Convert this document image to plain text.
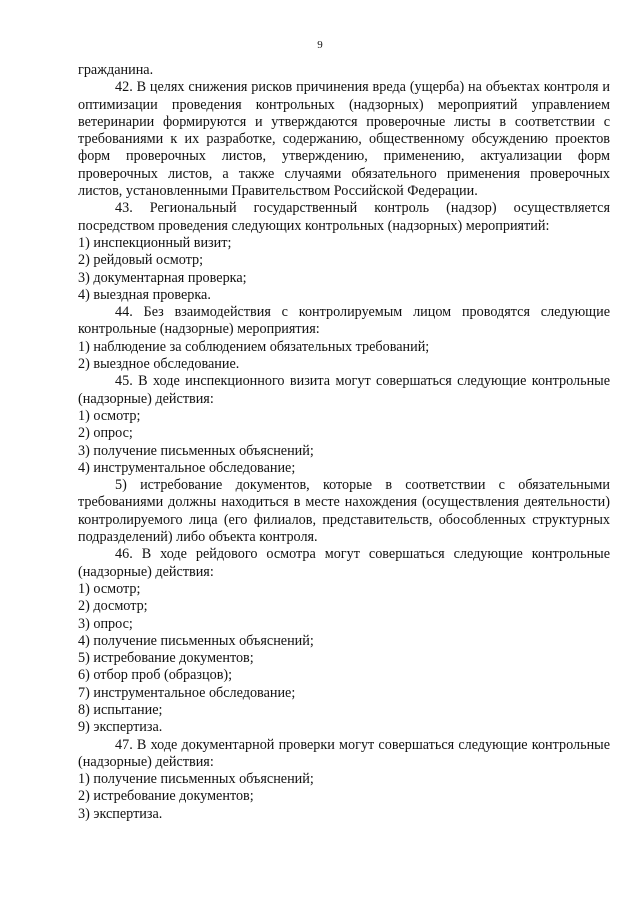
9

гражданина.

42. В целях снижения рисков причинения вреда (ущерба) на объектах контроля и оптимизации проведения контрольных (надзорных) мероприятий управлением ветеринарии формируются и утверждаются проверочные листы в соответствии с требованиями к их разработке, содержанию, общественному обсуждению проектов форм проверочных листов, утверждению, применению, актуализации форм проверочных листов, а также случаями обязательного применения проверочных листов, установленными Правительством Российской Федерации.

43. Региональный государственный контроль (надзор) осуществляется посредством проведения следующих контрольных (надзорных) мероприятий:

1) инспекционный визит;

2) рейдовый осмотр;

3) документарная проверка;

4) выездная проверка.

44. Без взаимодействия с контролируемым лицом проводятся следующие контрольные (надзорные) мероприятия:

1) наблюдение за соблюдением обязательных требований;

2) выездное обследование.

45. В ходе инспекционного визита могут совершаться следующие контрольные (надзорные) действия:

1) осмотр;

2) опрос;

3) получение письменных объяснений;

4) инструментальное обследование;

5) истребование документов, которые в соответствии с обязательными требованиями должны находиться в месте нахождения (осуществления деятельности) контролируемого лица (его филиалов, представительств, обособленных структурных подразделений) либо объекта контроля.

46. В ходе рейдового осмотра могут совершаться следующие контрольные (надзорные) действия:

1) осмотр;

2) досмотр;

3) опрос;

4) получение письменных объяснений;

5) истребование документов;

6) отбор проб (образцов);

7) инструментальное обследование;

8) испытание;

9) экспертиза.

47. В ходе документарной проверки могут совершаться следующие контрольные (надзорные) действия:

1) получение письменных объяснений;

2) истребование документов;

3) экспертиза.
